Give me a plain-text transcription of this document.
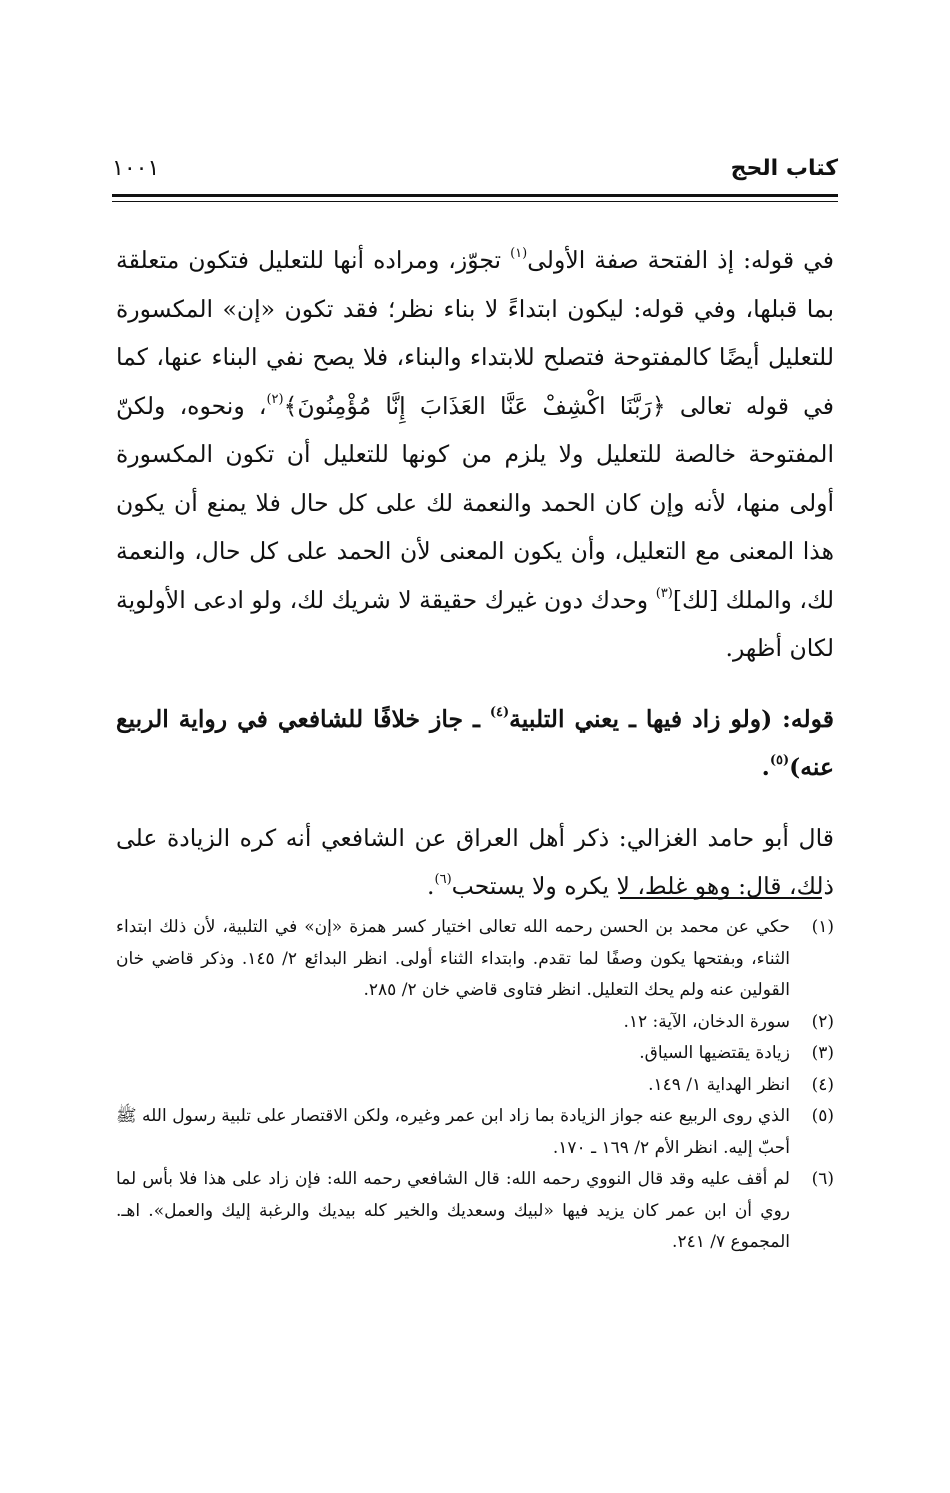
كتاب الحج
١٠٠١

في قوله: إذ الفتحة صفة الأولى$^{(١)}$ تجوّز، ومراده أنها للتعليل فتكون متعلقة بما قبلها، وفي قوله: ليكون ابتداءً لا بناء نظر؛ فقد تكون «إن» المكسورة للتعليل أيضًا كالمفتوحة فتصلح للابتداء والبناء، فلا يصح نفي البناء عنها، كما في قوله تعالى ﴿رَبَّنَا اكْشِفْ عَنَّا العَذَابَ إِنَّا مُؤْمِنُونَ﴾$^{(٢)}$، ونحوه، ولكنّ المفتوحة خالصة للتعليل ولا يلزم من كونها للتعليل أن تكون المكسورة أولى منها، لأنه وإن كان الحمد والنعمة لك على كل حال فلا يمنع أن يكون هذا المعنى مع التعليل، وأن يكون المعنى لأن الحمد على كل حال، والنعمة لك، والملك [لك]$^{(٣)}$ وحدك دون غيرك حقيقة لا شريك لك، ولو ادعى الأولوية لكان أظهر.

قوله: (ولو زاد فيها ـ يعني التلبية$^{(٤)}$ ـ جاز خلافًا للشافعي في رواية الربيع عنه)$^{(٥)}$.

قال أبو حامد الغزالي: ذكر أهل العراق عن الشافعي أنه كره الزيادة على ذلك، قال: وهو غلط، لا يكره ولا يستحب$^{(٦)}$.

(١)
حكي عن محمد بن الحسن رحمه الله تعالى اختيار كسر همزة «إن» في التلبية، لأن ذلك ابتداء الثناء، وبفتحها يكون وصفًا لما تقدم. وابتداء الثناء أولى. انظر البدائع ٢/ ١٤٥. وذكر قاضي خان القولين عنه ولم يحك التعليل. انظر فتاوى قاضي خان ٢/ ٢٨٥.
(٢)
سورة الدخان، الآية: ١٢.
(٣)
زيادة يقتضيها السياق.
(٤)
انظر الهداية ١/ ١٤٩.
(٥)
الذي روى الربيع عنه جواز الزيادة بما زاد ابن عمر وغيره، ولكن الاقتصار على تلبية رسول الله ﷺ أحبّ إليه. انظر الأم ٢/ ١٦٩ ـ ١٧٠.
(٦)
لم أقف عليه وقد قال النووي رحمه الله: قال الشافعي رحمه الله: فإن زاد على هذا فلا بأس لما روي أن ابن عمر كان يزيد فيها «لبيك وسعديك والخير كله بيديك والرغبة إليك والعمل». اهـ. المجموع ٧/ ٢٤١.
